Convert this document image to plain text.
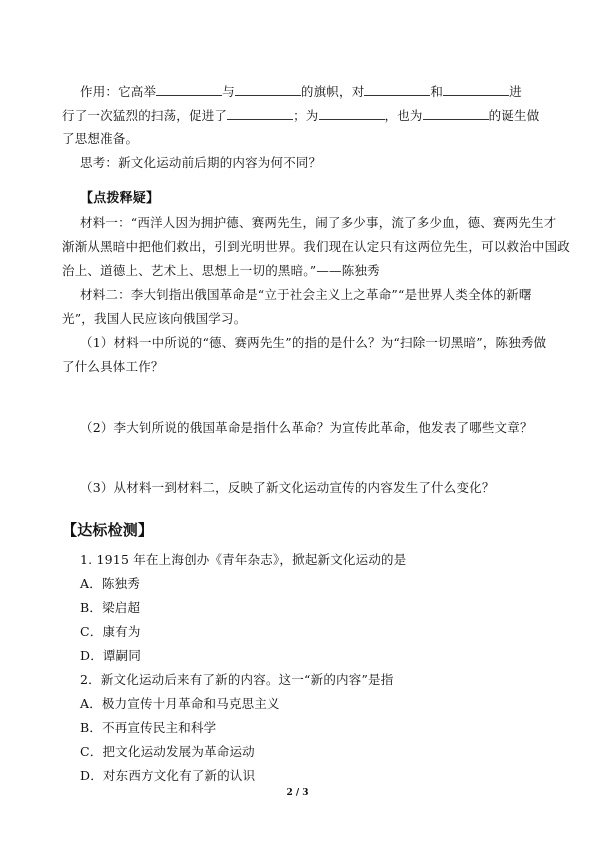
作用：它高举	与	的旗帜，对	和	进
行了一次猛烈的扫荡，促进了	；为	，也为	的诞生做
了思想准备。
思考：新文化运动前后期的内容为何不同？
【点拨释疑】
材料一：“西洋人因为拥护德、赛两先生，闹了多少事，流了多少血，德、赛两先生才
渐渐从黑暗中把他们救出，引到光明世界。我们现在认定只有这两位先生，可以救治中国政
治上、道德上、艺术上、思想上一切的黑暗。”——陈独秀
材料二：李大钊指出俄国革命是“立于社会主义上之革命”“是世界人类全体的新曙
光”，我国人民应该向俄国学习。
（1）材料一中所说的“德、赛两先生”的指的是什么？为“扫除一切黑暗”，陈独秀做
了什么具体工作？
（2）李大钊所说的俄国革命是指什么革命？为宣传此革命，他发表了哪些文章？
（3）从材料一到材料二，反映了新文化运动宣传的内容发生了什么变化？
【达标检测】
1. 1915 年在上海创办《青年杂志》，掀起新文化运动的是
A．陈独秀
B．梁启超
C．康有为
D．谭嗣同
2．新文化运动后来有了新的内容。这一“新的内容”是指
A．极力宣传十月革命和马克思主义
B．不再宣传民主和科学
C．把文化运动发展为革命运动
D．对东西方文化有了新的认识
2 / 3
